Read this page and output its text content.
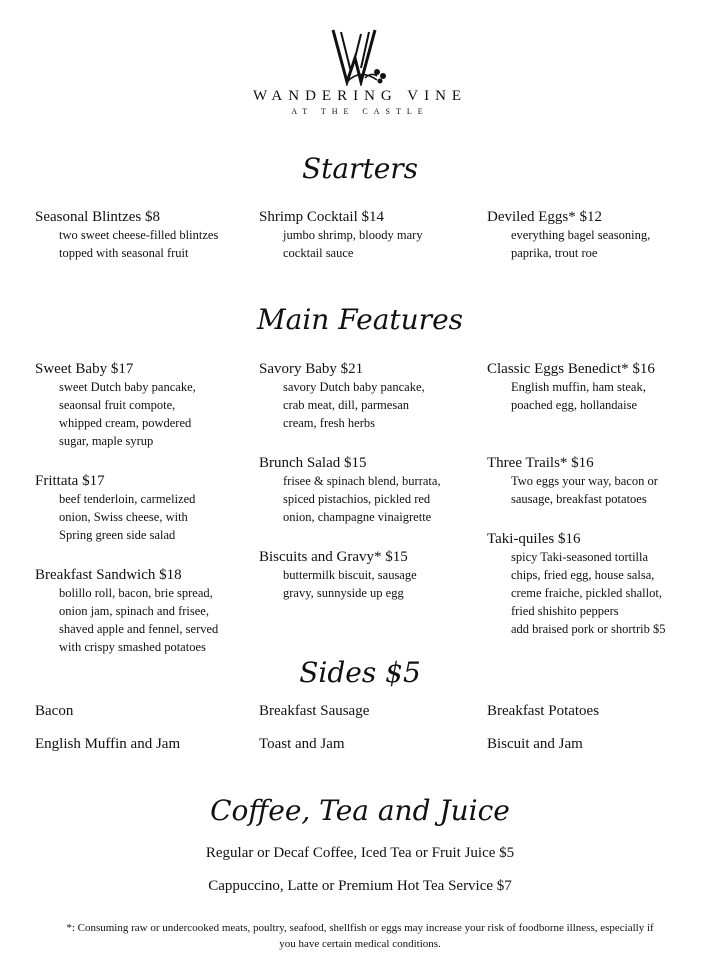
WANDERING VINE
AT THE CASTLE
Starters
Seasonal Blintzes $8
two sweet cheese-filled blintzes
topped with seasonal fruit
Shrimp Cocktail $14
jumbo shrimp, bloody mary
cocktail sauce
Deviled Eggs* $12
everything bagel seasoning,
paprika, trout roe
Main Features
Sweet Baby $17
sweet Dutch baby pancake,
seaonsal fruit compote,
whipped cream, powdered
sugar, maple syrup
Frittata $17
beef tenderloin, carmelized
onion, Swiss cheese, with
Spring green side salad
Breakfast Sandwich $18
bolillo roll, bacon, brie spread,
onion jam, spinach and frisee,
shaved apple and fennel, served
with crispy smashed potatoes
Savory Baby $21
savory Dutch baby pancake,
crab meat, dill, parmesan
cream, fresh herbs
Brunch Salad $15
frisee & spinach blend, burrata,
spiced pistachios, pickled red
onion, champagne vinaigrette
Biscuits and Gravy* $15
buttermilk biscuit, sausage
gravy, sunnyside up egg
Classic Eggs Benedict* $16
English muffin, ham steak,
poached egg, hollandaise
Three Trails* $16
Two eggs your way, bacon or
sausage, breakfast potatoes
Taki-quiles $16
spicy Taki-seasoned tortilla
chips, fried egg, house salsa,
creme fraiche, pickled shallot,
fried shishito peppers
add braised pork or shortrib $5
Sides $5
Bacon
English Muffin and Jam
Breakfast Sausage
Toast and Jam
Breakfast Potatoes
Biscuit and Jam
Coffee, Tea and Juice
Regular or Decaf Coffee, Iced Tea or Fruit Juice $5
Cappuccino, Latte or Premium Hot Tea Service $7
*: Consuming raw or undercooked meats, poultry, seafood, shellfish or eggs may increase your risk of foodborne illness, especially if you have certain medical conditions.
